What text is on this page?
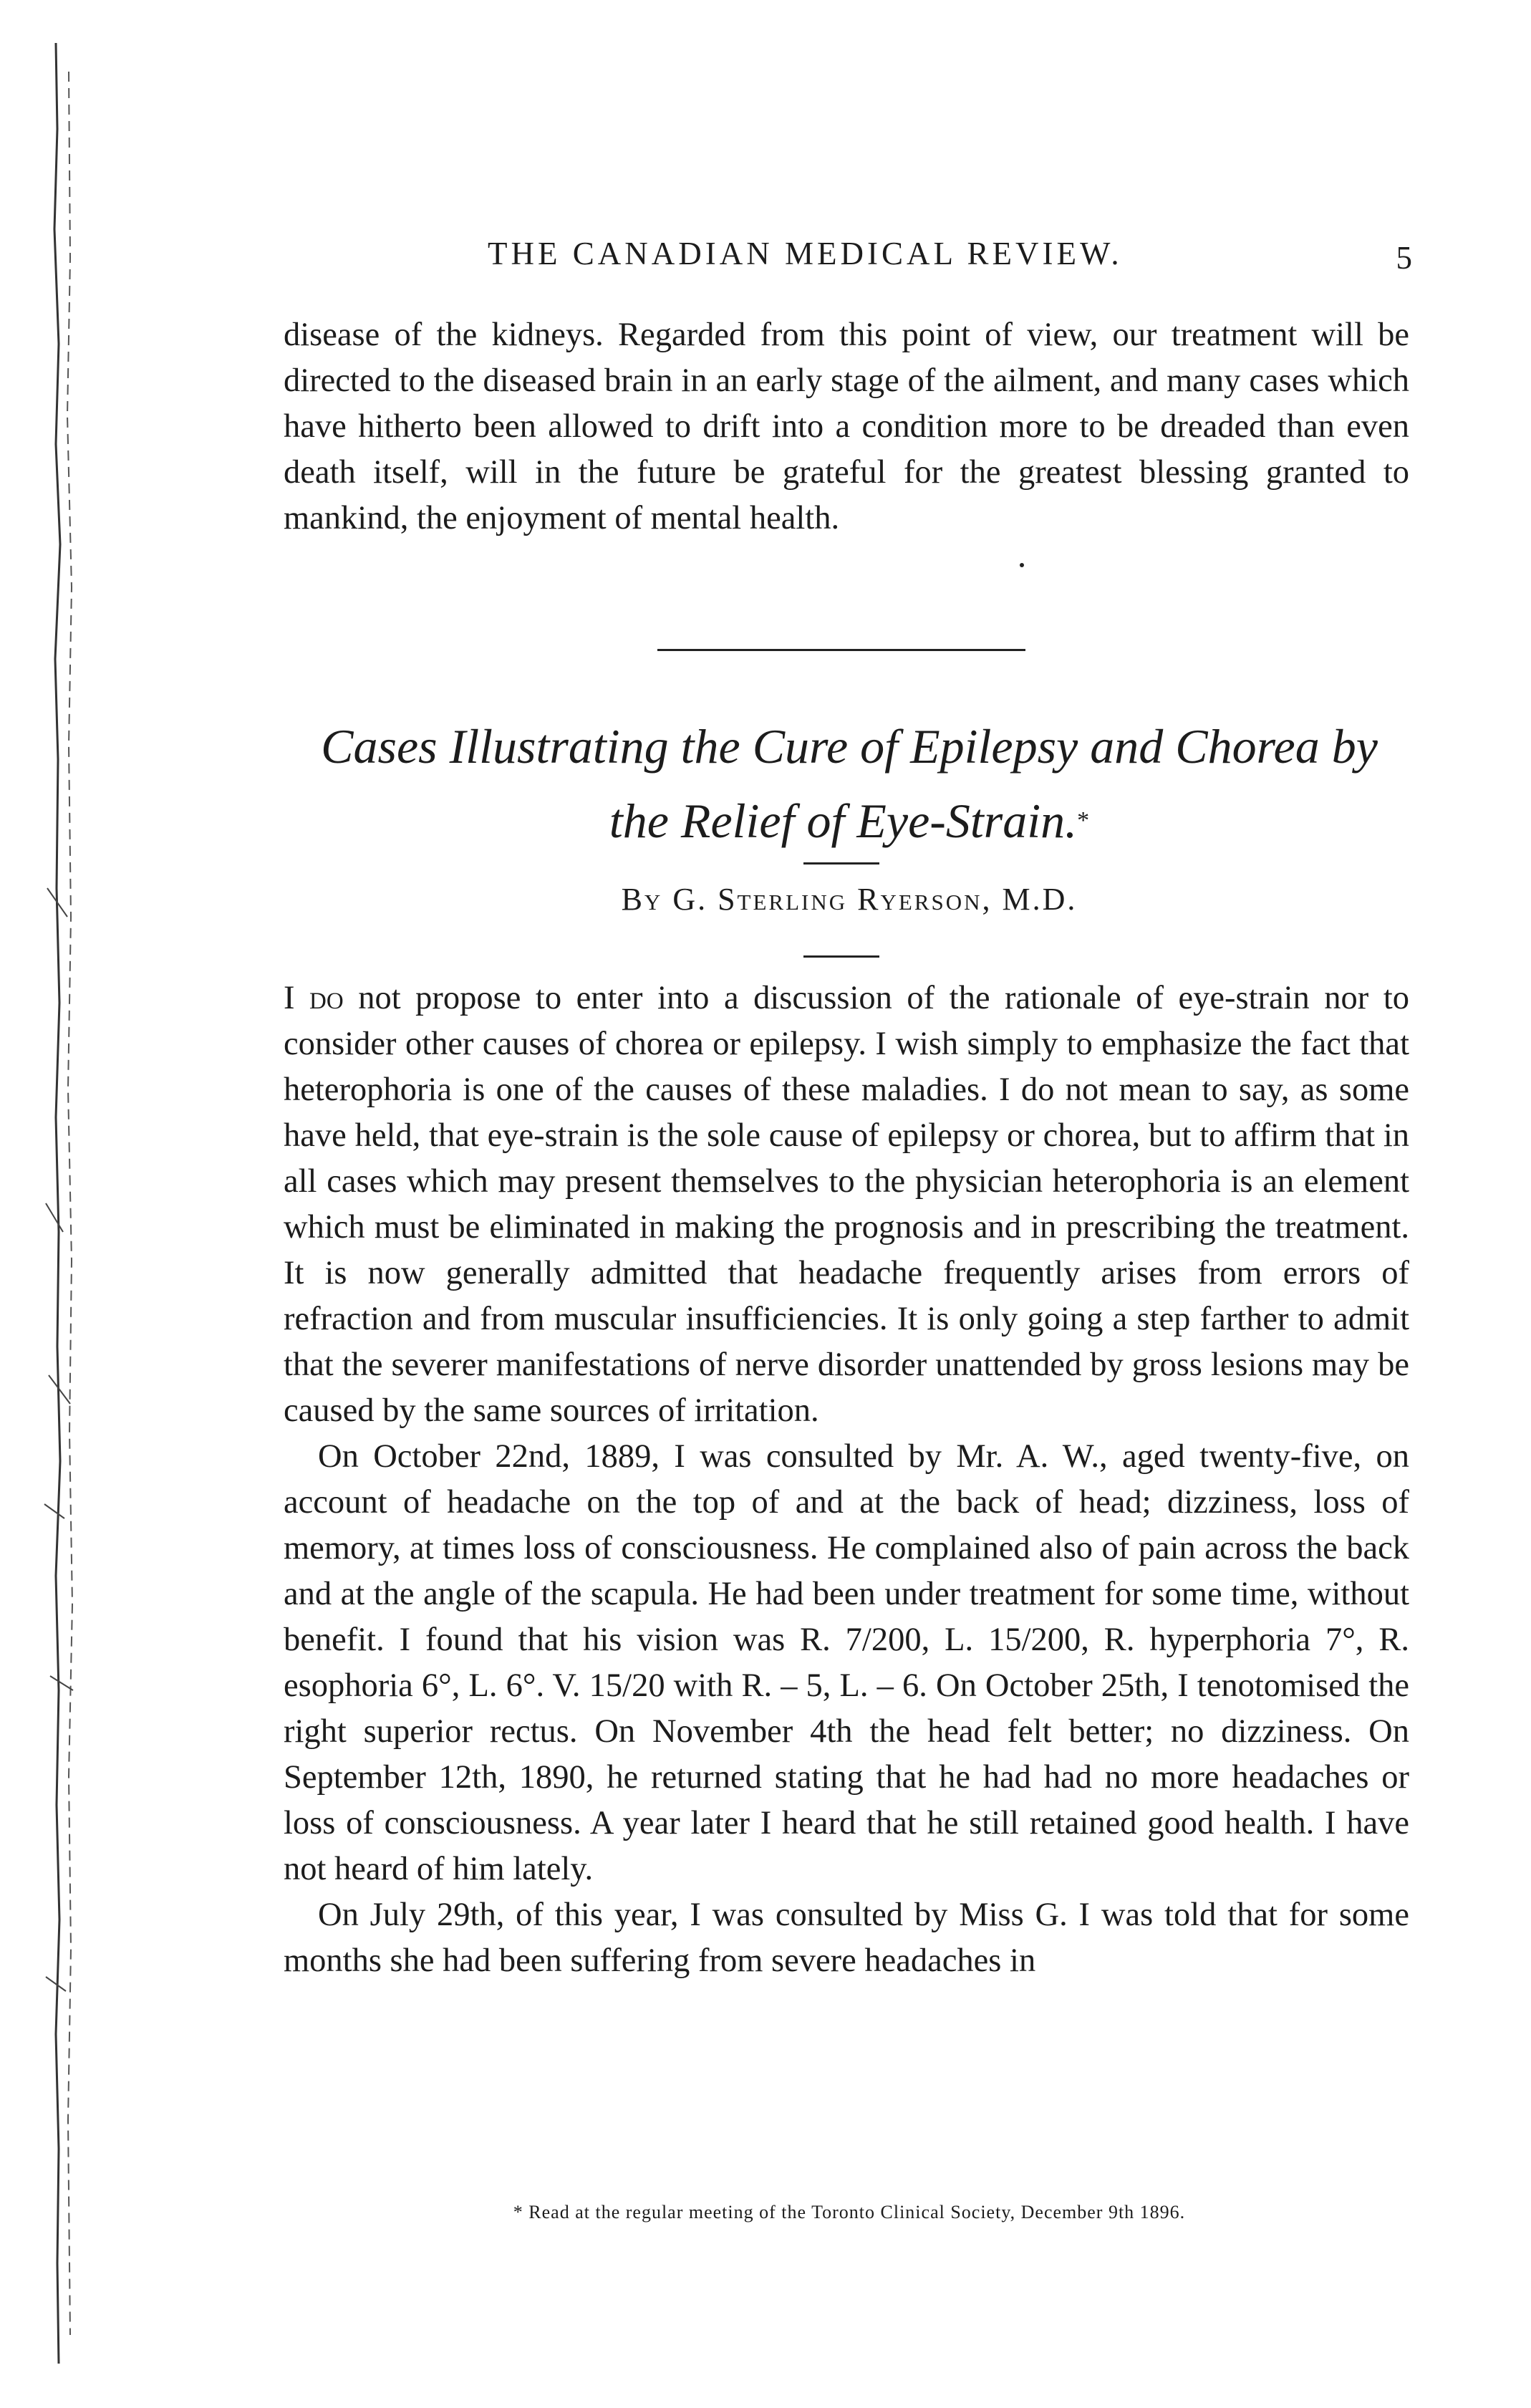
THE CANADIAN MEDICAL REVIEW.	5

disease of the kidneys. Regarded from this point of view, our treatment will be directed to the diseased brain in an early stage of the ailment, and many cases which have hitherto been allowed to drift into a condition more to be dreaded than even death itself, will in the future be grateful for the greatest blessing granted to mankind, the enjoyment of mental health.

Cases Illustrating the Cure of Epilepsy and Chorea by
the Relief of Eye-Strain.*
By G. Sterling Ryerson, M.D.

I do not propose to enter into a discussion of the rationale of eye-strain nor to consider other causes of chorea or epilepsy. I wish simply to emphasize the fact that heterophoria is one of the causes of these maladies. I do not mean to say, as some have held, that eye-strain is the sole cause of epilepsy or chorea, but to affirm that in all cases which may present themselves to the physician heterophoria is an element which must be eliminated in making the prognosis and in prescribing the treatment. It is now generally admitted that headache frequently arises from errors of refraction and from muscular insufficiencies. It is only going a step farther to admit that the severer manifestations of nerve disorder unattended by gross lesions may be caused by the same sources of irritation.

On October 22nd, 1889, I was consulted by Mr. A. W., aged twenty-five, on account of headache on the top of and at the back of head; dizziness, loss of memory, at times loss of consciousness. He complained also of pain across the back and at the angle of the scapula. He had been under treatment for some time, without benefit. I found that his vision was R. 7/200, L. 15/200, R. hyperphoria 7°, R. esophoria 6°, L. 6°. V. 15/20 with R. – 5, L. – 6. On October 25th, I tenotomised the right superior rectus. On November 4th the head felt better; no dizziness. On September 12th, 1890, he returned stating that he had had no more headaches or loss of consciousness. A year later I heard that he still retained good health. I have not heard of him lately.

On July 29th, of this year, I was consulted by Miss G. I was told that for some months she had been suffering from severe headaches in

* Read at the regular meeting of the Toronto Clinical Society, December 9th 1896.
